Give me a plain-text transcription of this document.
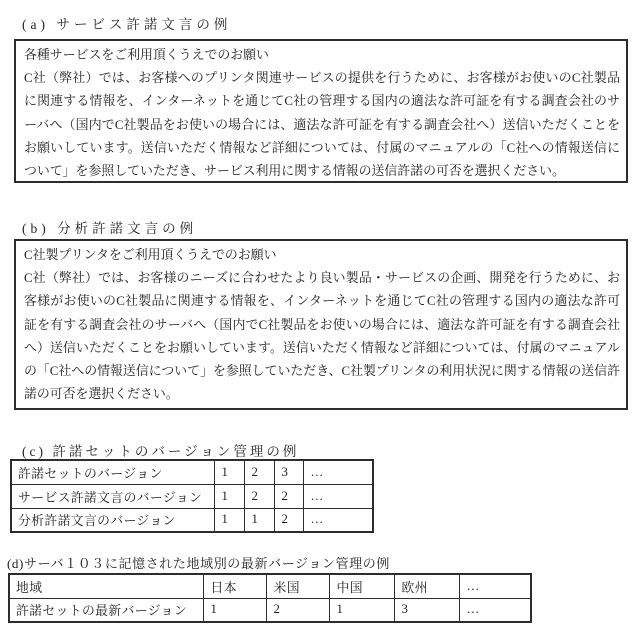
(a) サービス許諾文言の例
各種サービスをご利用頂くうえでのお願い
C社（弊社）では、お客様へのプリンタ関連サービスの提供を行うために、お客様がお使いのC社製品に関連する情報を、インターネットを通じてC社の管理する国内の適法な許可証を有する調査会社のサーバへ（国内でC社製品をお使いの場合には、適法な許可証を有する調査会社へ）送信いただくことをお願いしています。送信いただく情報など詳細については、付属のマニュアルの「C社への情報送信について」を参照していただき、サービス利用に関する情報の送信許諾の可否を選択ください。
(b) 分析許諾文言の例
C社製プリンタをご利用頂くうえでのお願い
C社（弊社）では、お客様のニーズに合わせたより良い製品・サービスの企画、開発を行うために、お客様がお使いのC社製品に関連する情報を、インターネットを通じてC社の管理する国内の適法な許可証を有する調査会社のサーバへ（国内でC社製品をお使いの場合には、適法な許可証を有する調査会社へ）送信いただくことをお願いしています。送信いただく情報など詳細については、付属のマニュアルの「C社への情報送信について」を参照していただき、C社製プリンタの利用状況に関する情報の送信許諾の可否を選択ください。
(c) 許諾セットのバージョン管理の例
許諾セットのバージョン	1	2	3	…
サービス許諾文言のバージョン	1	2	2	…
分析許諾文言のバージョン	1	1	2	…
(d)サーバ１０３に記憶された地域別の最新バージョン管理の例
地域	日本	米国	中国	欧州	…
許諾セットの最新バージョン	1	2	1	3	…
